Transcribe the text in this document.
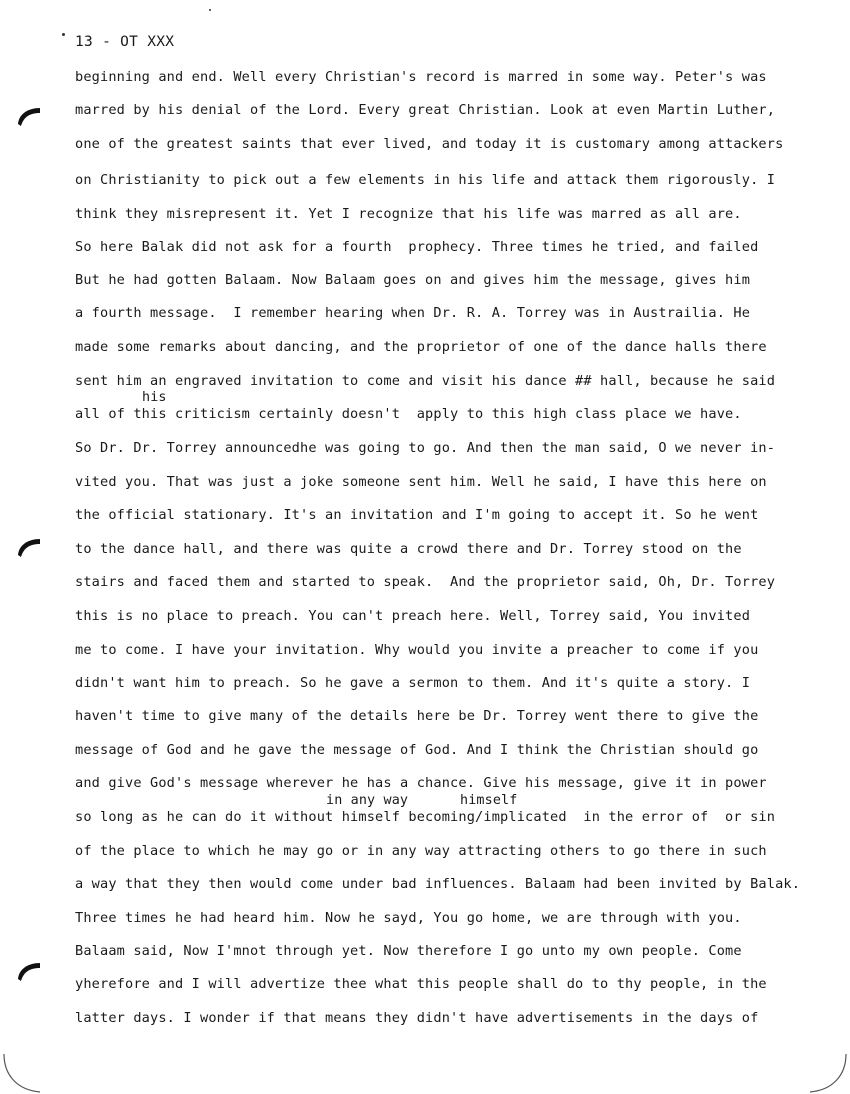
13 - OT XXX
his
in any way	himself
beginning and end. Well every Christian's record is marred in some way. Peter's was
marred by his denial of the Lord. Every great Christian. Look at even Martin Luther,
one of the greatest saints that ever lived, and today it is customary among attackers
on Christianity to pick out a few elements in his life and attack them rigorously. I
think they misrepresent it. Yet I recognize that his life was marred as all are.
So here Balak did not ask for a fourth  prophecy. Three times he tried, and failed
But he had gotten Balaam. Now Balaam goes on and gives him the message, gives him
a fourth message.  I remember hearing when Dr. R. A. Torrey was in Austrailia. He
made some remarks about dancing, and the proprietor of one of the dance halls there
sent him an engraved invitation to come and visit his dance ## hall, because he said
all of this criticism certainly doesn't  apply to this high class place we have.
So Dr. Dr. Torrey announcedhe was going to go. And then the man said, O we never in-
vited you. That was just a joke someone sent him. Well he said, I have this here on
the official stationary. It's an invitation and I'm going to accept it. So he went
to the dance hall, and there was quite a crowd there and Dr. Torrey stood on the
stairs and faced them and started to speak.  And the proprietor said, Oh, Dr. Torrey
this is no place to preach. You can't preach here. Well, Torrey said, You invited
me to come. I have your invitation. Why would you invite a preacher to come if you
didn't want him to preach. So he gave a sermon to them. And it's quite a story. I
haven't time to give many of the details here be Dr. Torrey went there to give the
message of God and he gave the message of God. And I think the Christian should go
and give God's message wherever he has a chance. Give his message, give it in power
so long as he can do it without himself becoming/implicated  in the error of  or sin
of the place to which he may go or in any way attracting others to go there in such
a way that they then would come under bad influences. Balaam had been invited by Balak.
Three times he had heard him. Now he sayd, You go home, we are through with you.
Balaam said, Now I'mnot through yet. Now therefore I go unto my own people. Come
yherefore and I will advertize thee what this people shall do to thy people, in the
latter days. I wonder if that means they didn't have advertisements in the days of
